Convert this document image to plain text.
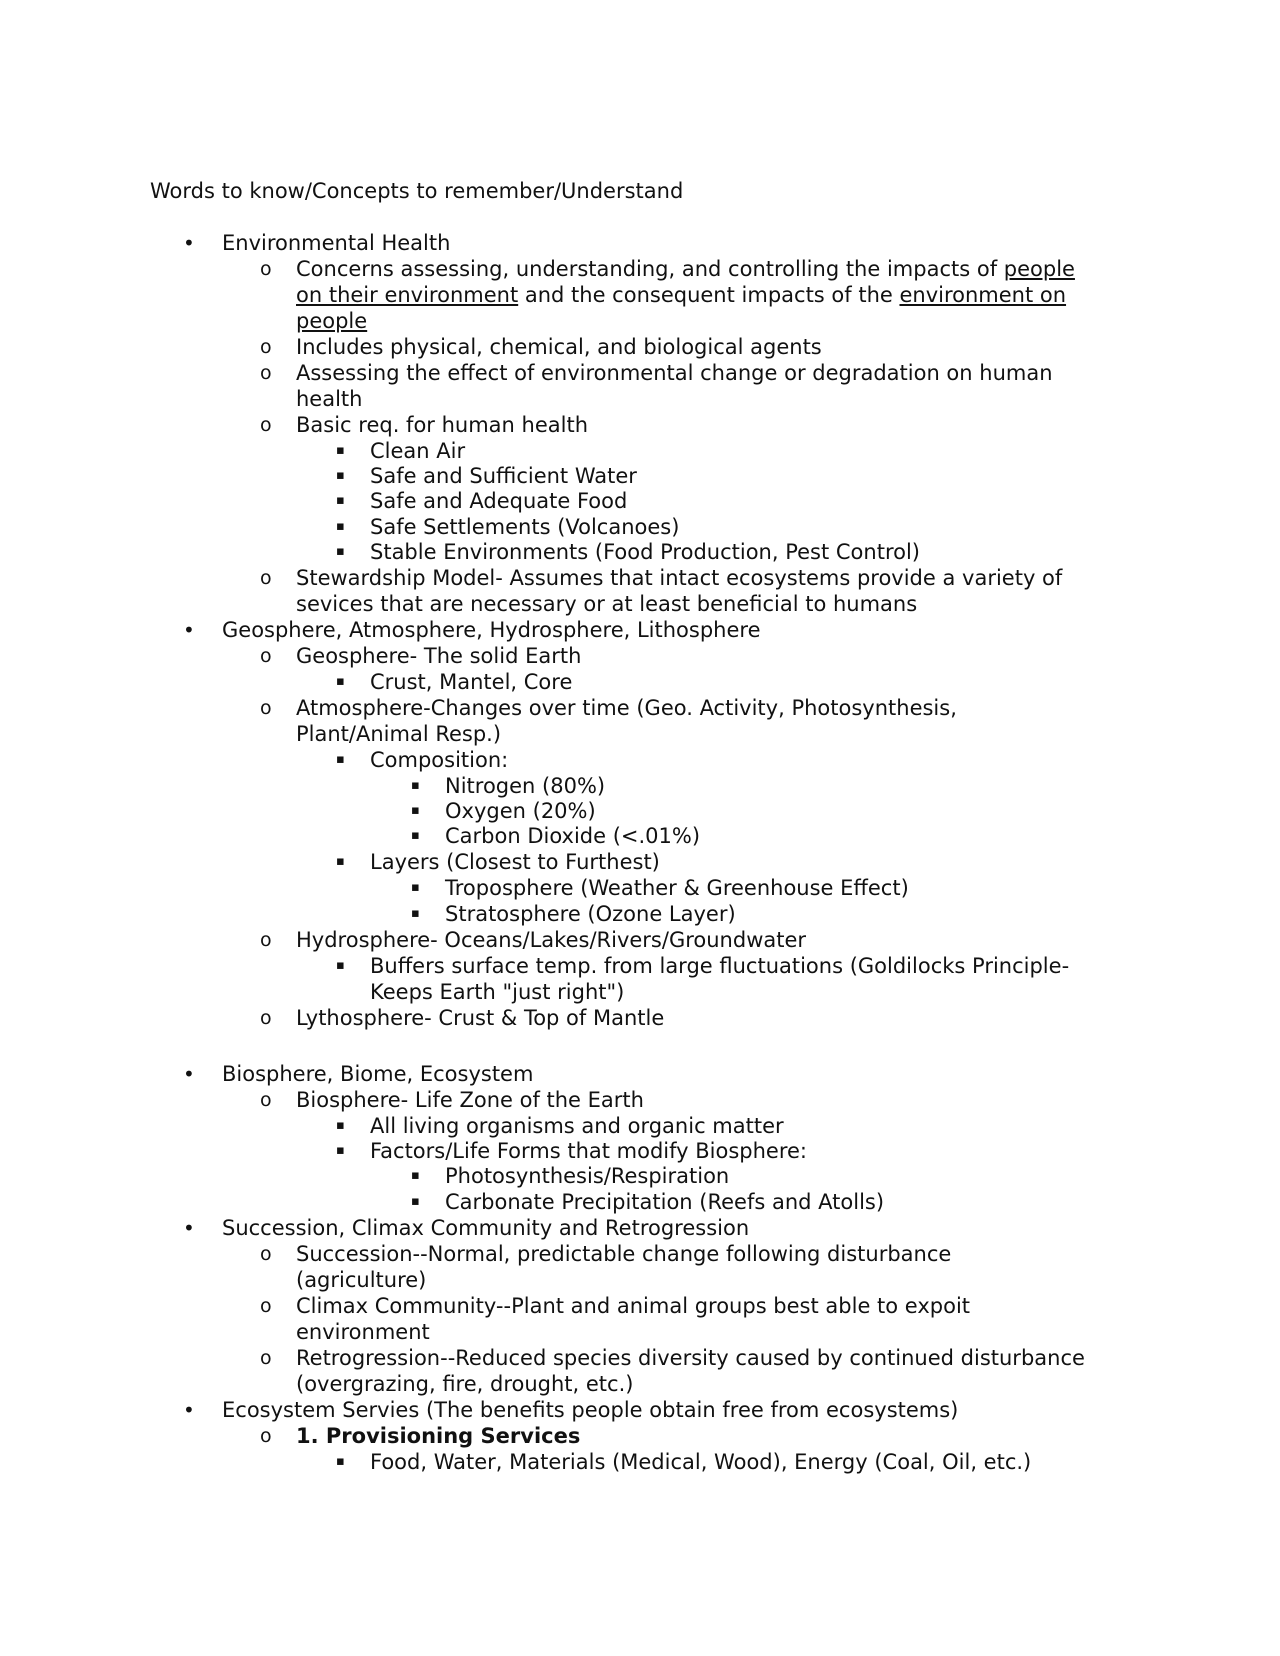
Words to know/Concepts to remember/Understand
• Environmental Health
o Concerns assessing, understanding, and controlling the impacts of people
on their environment and the consequent impacts of the environment on
people
o Includes physical, chemical, and biological agents
o Assessing the effect of environmental change or degradation on human
health
o Basic req. for human health
▪ Clean Air
▪ Safe and Sufficient Water
▪ Safe and Adequate Food
▪ Safe Settlements (Volcanoes)
▪ Stable Environments (Food Production, Pest Control)
o Stewardship Model- Assumes that intact ecosystems provide a variety of
sevices that are necessary or at least beneficial to humans
• Geosphere, Atmosphere, Hydrosphere, Lithosphere
o Geosphere- The solid Earth
▪ Crust, Mantel, Core
o Atmosphere-Changes over time (Geo. Activity, Photosynthesis,
Plant/Animal Resp.)
▪ Composition:
▪ Nitrogen (80%)
▪ Oxygen (20%)
▪ Carbon Dioxide (<.01%)
▪ Layers (Closest to Furthest)
▪ Troposphere (Weather & Greenhouse Effect)
▪ Stratosphere (Ozone Layer)
o Hydrosphere- Oceans/Lakes/Rivers/Groundwater
▪ Buffers surface temp. from large fluctuations (Goldilocks Principle-
Keeps Earth "just right")
o Lythosphere- Crust & Top of Mantle
• Biosphere, Biome, Ecosystem
o Biosphere- Life Zone of the Earth
▪ All living organisms and organic matter
▪ Factors/Life Forms that modify Biosphere:
▪ Photosynthesis/Respiration
▪ Carbonate Precipitation (Reefs and Atolls)
• Succession, Climax Community and Retrogression
o Succession--Normal, predictable change following disturbance
(agriculture)
o Climax Community--Plant and animal groups best able to expoit
environment
o Retrogression--Reduced species diversity caused by continued disturbance
(overgrazing, fire, drought, etc.)
• Ecosystem Servies (The benefits people obtain free from ecosystems)
o 1. Provisioning Services
▪ Food, Water, Materials (Medical, Wood), Energy (Coal, Oil, etc.)
